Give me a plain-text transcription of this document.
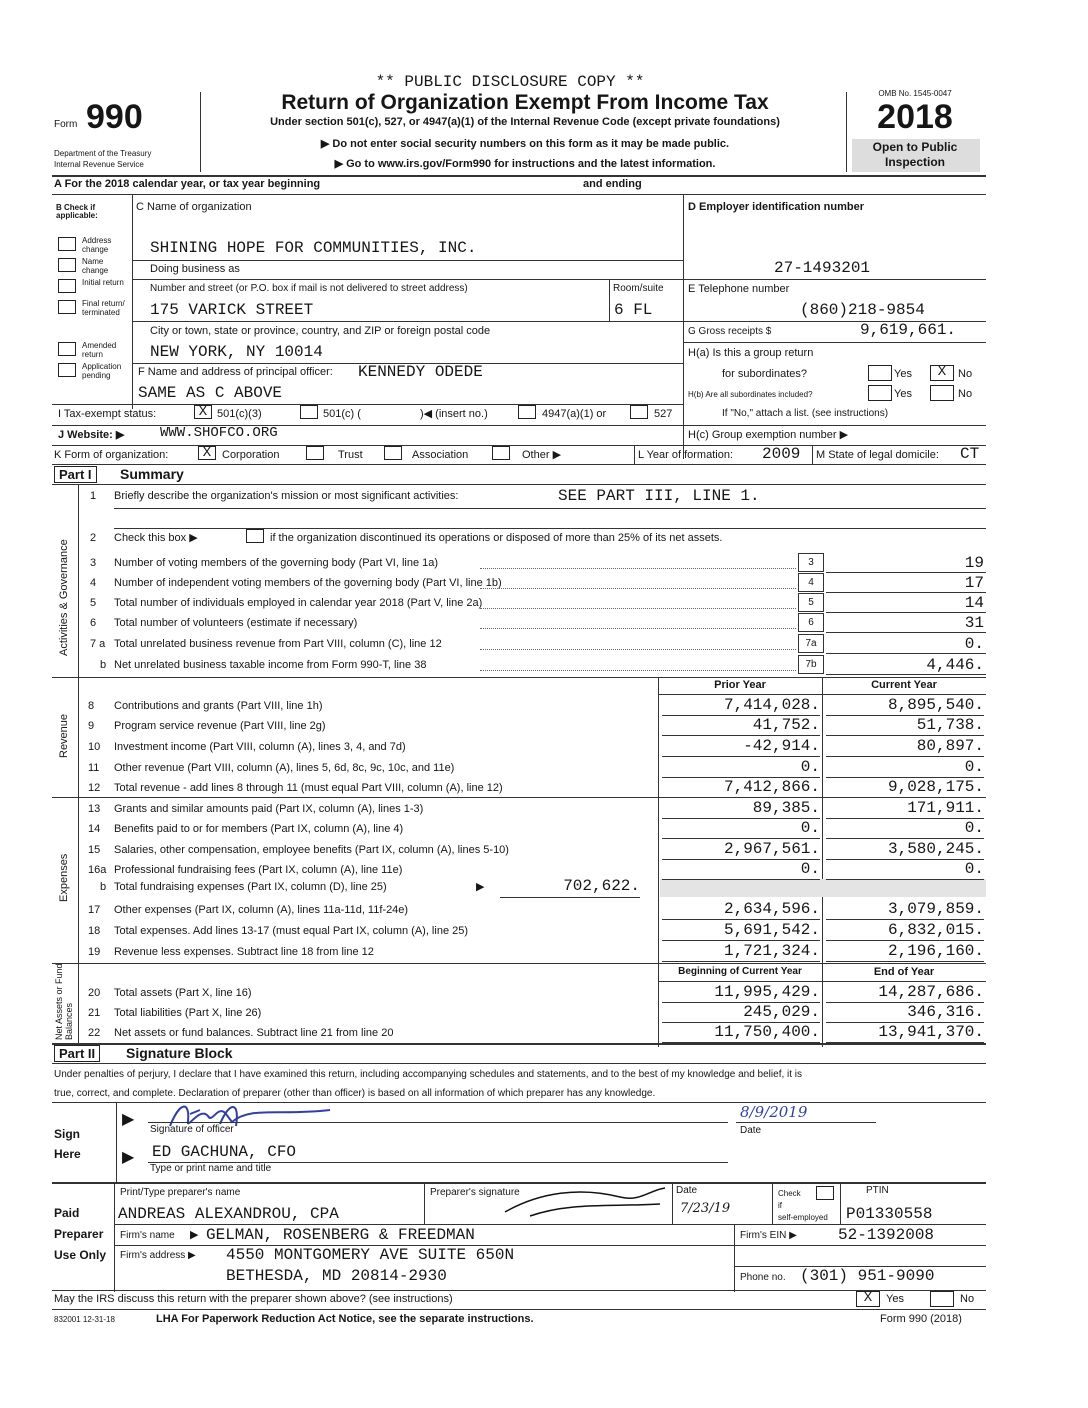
** PUBLIC DISCLOSURE COPY **
Form 990
Department of the Treasury
Internal Revenue Service
Return of Organization Exempt From Income Tax
Under section 501(c), 527, or 4947(a)(1) of the Internal Revenue Code (except private foundations)
▶ Do not enter social security numbers on this form as it may be made public.
▶ Go to www.irs.gov/Form990 for instructions and the latest information.
OMB No. 1545-0047
2018
Open to Public
Inspection
A For the 2018 calendar year, or tax year beginning	and ending
B Check if applicable:
Address change
Name change
Initial return
Final return/ terminated
Amended return
Application pending
C Name of organization
SHINING HOPE FOR COMMUNITIES, INC.
Doing business as
Number and street (or P.O. box if mail is not delivered to street address)	Room/suite
175 VARICK STREET	6 FL
City or town, state or province, country, and ZIP or foreign postal code
NEW YORK, NY 10014
F Name and address of principal officer: KENNEDY ODEDE
SAME AS C ABOVE
D Employer identification number
27-1493201
E Telephone number
(860)218-9854
G Gross receipts $	9,619,661.
H(a) Is this a group return
for subordinates?	Yes	X	No
H(b) Are all subordinates included?	Yes	No
If "No," attach a list. (see instructions)
H(c) Group exemption number ▶
I Tax-exempt status:	X 501(c)(3)	501(c) (	)◀ (insert no.)	4947(a)(1) or	527
J Website: ▶	WWW.SHOFCO.ORG
K Form of organization:	X Corporation	Trust	Association	Other ▶	L Year of formation: 2009 M State of legal domicile: CT
Part I	Summary
Activities & Governance
1 Briefly describe the organization's mission or most significant activities:	SEE PART III, LINE 1.
2 Check this box ▶	if the organization discontinued its operations or disposed of more than 25% of its net assets.
Prior Year	Current Year
Revenue
Expenses	b Total fundraising expenses (Part IX, column (D), line 25)	▶	702,622.
Beginning of Current Year	End of Year
Net Assets or Fund Balances
Part II	Signature Block
Under penalties of perjury, I declare that I have examined this return, including accompanying schedules and statements, and to the best of my knowledge and belief, it is
true, correct, and complete. Declaration of preparer (other than officer) is based on all information of which preparer has any knowledge.
Sign
Here
▶
▶
Signature of officer
8/9/2019
Date
ED GACHUNA, CFO
Type or print name and title
Paid
Preparer
Use Only
Print/Type preparer's name	Preparer's signature	Date
7/23/19
Check
if
self-employed
PTIN
ANDREAS ALEXANDROU, CPA	P01330558
Firm's name ▶ GELMAN, ROSENBERG & FREEDMAN	Firm's EIN ▶	52-1392008
Firm's address ▶ 4550 MONTGOMERY AVE SUITE 650N
BETHESDA, MD 20814-2930	Phone no. (301) 951-9090
May the IRS discuss this return with the preparer shown above? (see instructions)	X	Yes	No
832001 12-31-18	LHA For Paperwork Reduction Act Notice, see the separate instructions.	Form 990 (2018)
3 Number of voting members of the governing body (Part VI, line 1a)	3	19
4 Number of independent voting members of the governing body (Part VI, line 1b)	4	17
5 Total number of individuals employed in calendar year 2018 (Part V, line 2a)	5	14
6 Total number of volunteers (estimate if necessary)	6	31
7 a Total unrelated business revenue from Part VIII, column (C), line 12	7a	0.
b Net unrelated business taxable income from Form 990-T, line 38	7b	4,446.
8 Contributions and grants (Part VIII, line 1h)	7,414,028.	8,895,540.
9 Program service revenue (Part VIII, line 2g)	41,752.	51,738.
10 Investment income (Part VIII, column (A), lines 3, 4, and 7d)	-42,914.	80,897.
11 Other revenue (Part VIII, column (A), lines 5, 6d, 8c, 9c, 10c, and 11e)	0.	0.
12 Total revenue - add lines 8 through 11 (must equal Part VIII, column (A), line 12)	7,412,866.	9,028,175.
13 Grants and similar amounts paid (Part IX, column (A), lines 1-3)	89,385.	171,911.
14 Benefits paid to or for members (Part IX, column (A), line 4)	0.	0.
15 Salaries, other compensation, employee benefits (Part IX, column (A), lines 5-10)	2,967,561.	3,580,245.
16a Professional fundraising fees (Part IX, column (A), line 11e)	0.	0.
17 Other expenses (Part IX, column (A), lines 11a-11d, 11f-24e)	2,634,596.	3,079,859.
18 Total expenses. Add lines 13-17 (must equal Part IX, column (A), line 25)	5,691,542.	6,832,015.
19 Revenue less expenses. Subtract line 18 from line 12	1,721,324.	2,196,160.
20 Total assets (Part X, line 16)	11,995,429.	14,287,686.
21 Total liabilities (Part X, line 26)	245,029.	346,316.
22 Net assets or fund balances. Subtract line 21 from line 20	11,750,400.	13,941,370.
